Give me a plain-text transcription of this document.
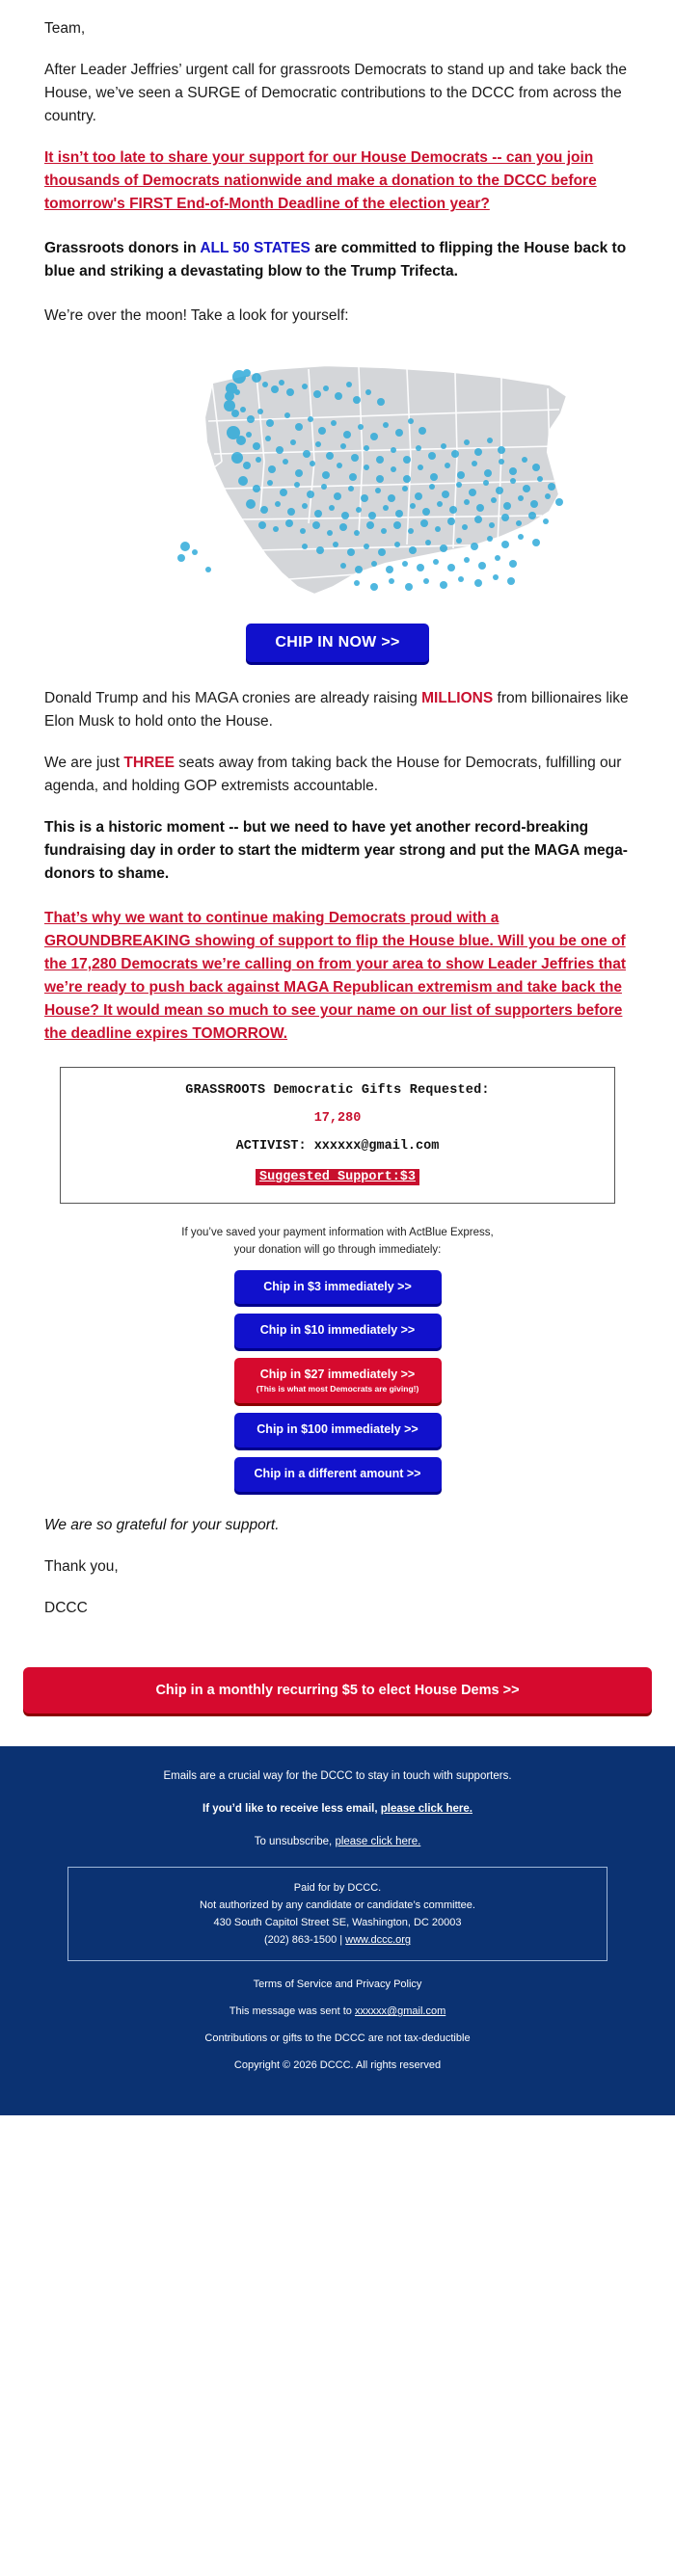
Team,

After Leader Jeffries’ urgent call for grassroots Democrats to stand up and take back the House, we’ve seen a SURGE of Democratic contributions to the DCCC from across the country.

It isn’t too late to share your support for our House Democrats -- can you join thousands of Democrats nationwide and make a donation to the DCCC before tomorrow's FIRST End-of-Month Deadline of the election year?

Grassroots donors in ALL 50 STATES are committed to flipping the House back to blue and striking a devastating blow to the Trump Trifecta.

We’re over the moon! Take a look for yourself:

CHIP IN NOW >>

Donald Trump and his MAGA cronies are already raising MILLIONS from billionaires like Elon Musk to hold onto the House.

We are just THREE seats away from taking back the House for Democrats, fulfilling our agenda, and holding GOP extremists accountable.

This is a historic moment -- but we need to have yet another record-breaking fundraising day in order to start the midterm year strong and put the MAGA mega-donors to shame.

That’s why we want to continue making Democrats proud with a GROUNDBREAKING showing of support to flip the House blue. Will you be one of the 17,280 Democrats we’re calling on from your area to show Leader Jeffries that we’re ready to push back against MAGA Republican extremism and take back the House? It would mean so much to see your name on our list of supporters before the deadline expires TOMORROW.
GRASSROOTS Democratic Gifts Requested:
17,280
ACTIVIST: xxxxxx@gmail.com
Suggested Support:$3

If you’ve saved your payment information with ActBlue Express,
your donation will go through immediately:

Chip in $3 immediately >>
Chip in $10 immediately >>
Chip in $27 immediately >>
(This is what most Democrats are giving!)
Chip in $100 immediately >>
Chip in a different amount >>

We are so grateful for your support.

Thank you,

DCCC

Chip in a monthly recurring $5 to elect House Dems >>

Emails are a crucial way for the DCCC to stay in touch with supporters.

If you’d like to receive less email, please click here.

To unsubscribe, please click here.

Paid for by DCCC.
Not authorized by any candidate or candidate’s committee.
430 South Capitol Street SE, Washington, DC 20003
(202) 863-1500 | www.dccc.org

Terms of Service and Privacy Policy

This message was sent to xxxxxx@gmail.com

Contributions or gifts to the DCCC are not tax-deductible

Copyright © 2026 DCCC. All rights reserved
